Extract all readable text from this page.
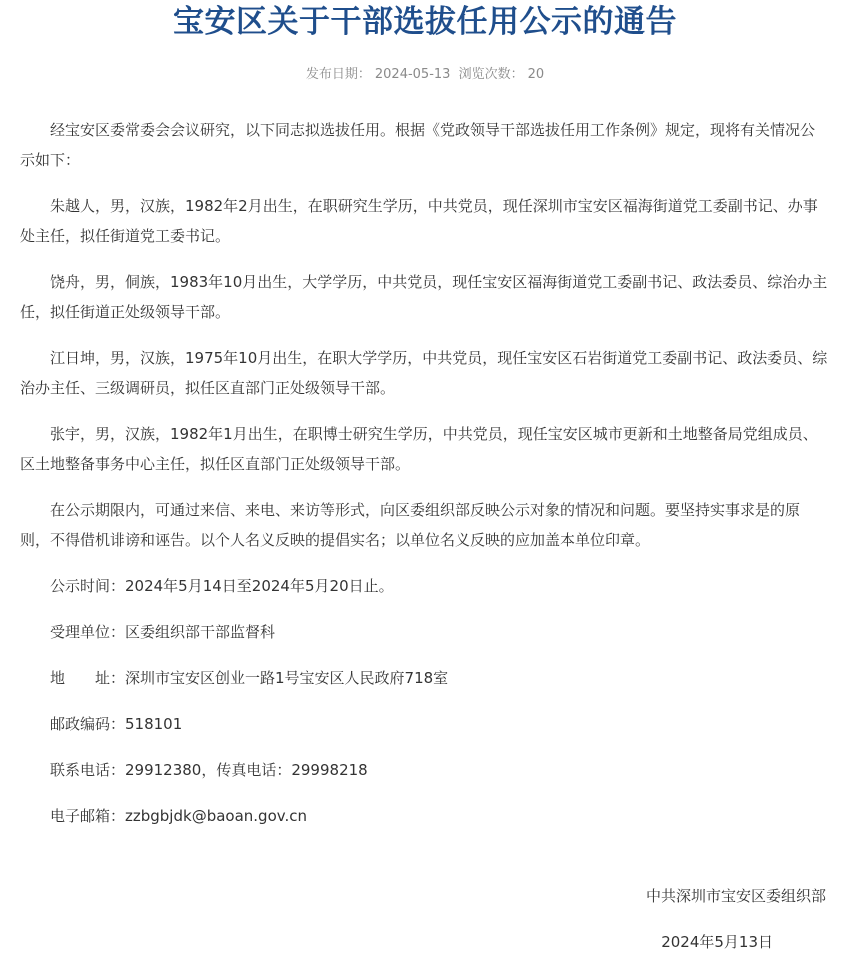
宝安区关于干部选拔任用公示的通告
发布日期： 2024-05-13 浏览次数： 20

经宝安区委常委会会议研究，以下同志拟选拔任用。根据《党政领导干部选拔任用工作条例》规定，现将有关情况公示如下：

朱越人，男，汉族，1982年2月出生，在职研究生学历，中共党员，现任深圳市宝安区福海街道党工委副书记、办事处主任，拟任街道党工委书记。

饶舟，男，侗族，1983年10月出生，大学学历，中共党员，现任宝安区福海街道党工委副书记、政法委员、综治办主任，拟任街道正处级领导干部。

江日坤，男，汉族，1975年10月出生，在职大学学历，中共党员，现任宝安区石岩街道党工委副书记、政法委员、综治办主任、三级调研员，拟任区直部门正处级领导干部。

张宇，男，汉族，1982年1月出生，在职博士研究生学历，中共党员，现任宝安区城市更新和土地整备局党组成员、区土地整备事务中心主任，拟任区直部门正处级领导干部。

在公示期限内，可通过来信、来电、来访等形式，向区委组织部反映公示对象的情况和问题。要坚持实事求是的原则，不得借机诽谤和诬告。以个人名义反映的提倡实名；以单位名义反映的应加盖本单位印章。

公示时间：2024年5月14日至2024年5月20日止。

受理单位：区委组织部干部监督科

地　　址：深圳市宝安区创业一路1号宝安区人民政府718室

邮政编码：518101

联系电话：29912380，传真电话：29998218

电子邮箱：zzbgbjdk@baoan.gov.cn

中共深圳市宝安区委组织部
2024年5月13日
